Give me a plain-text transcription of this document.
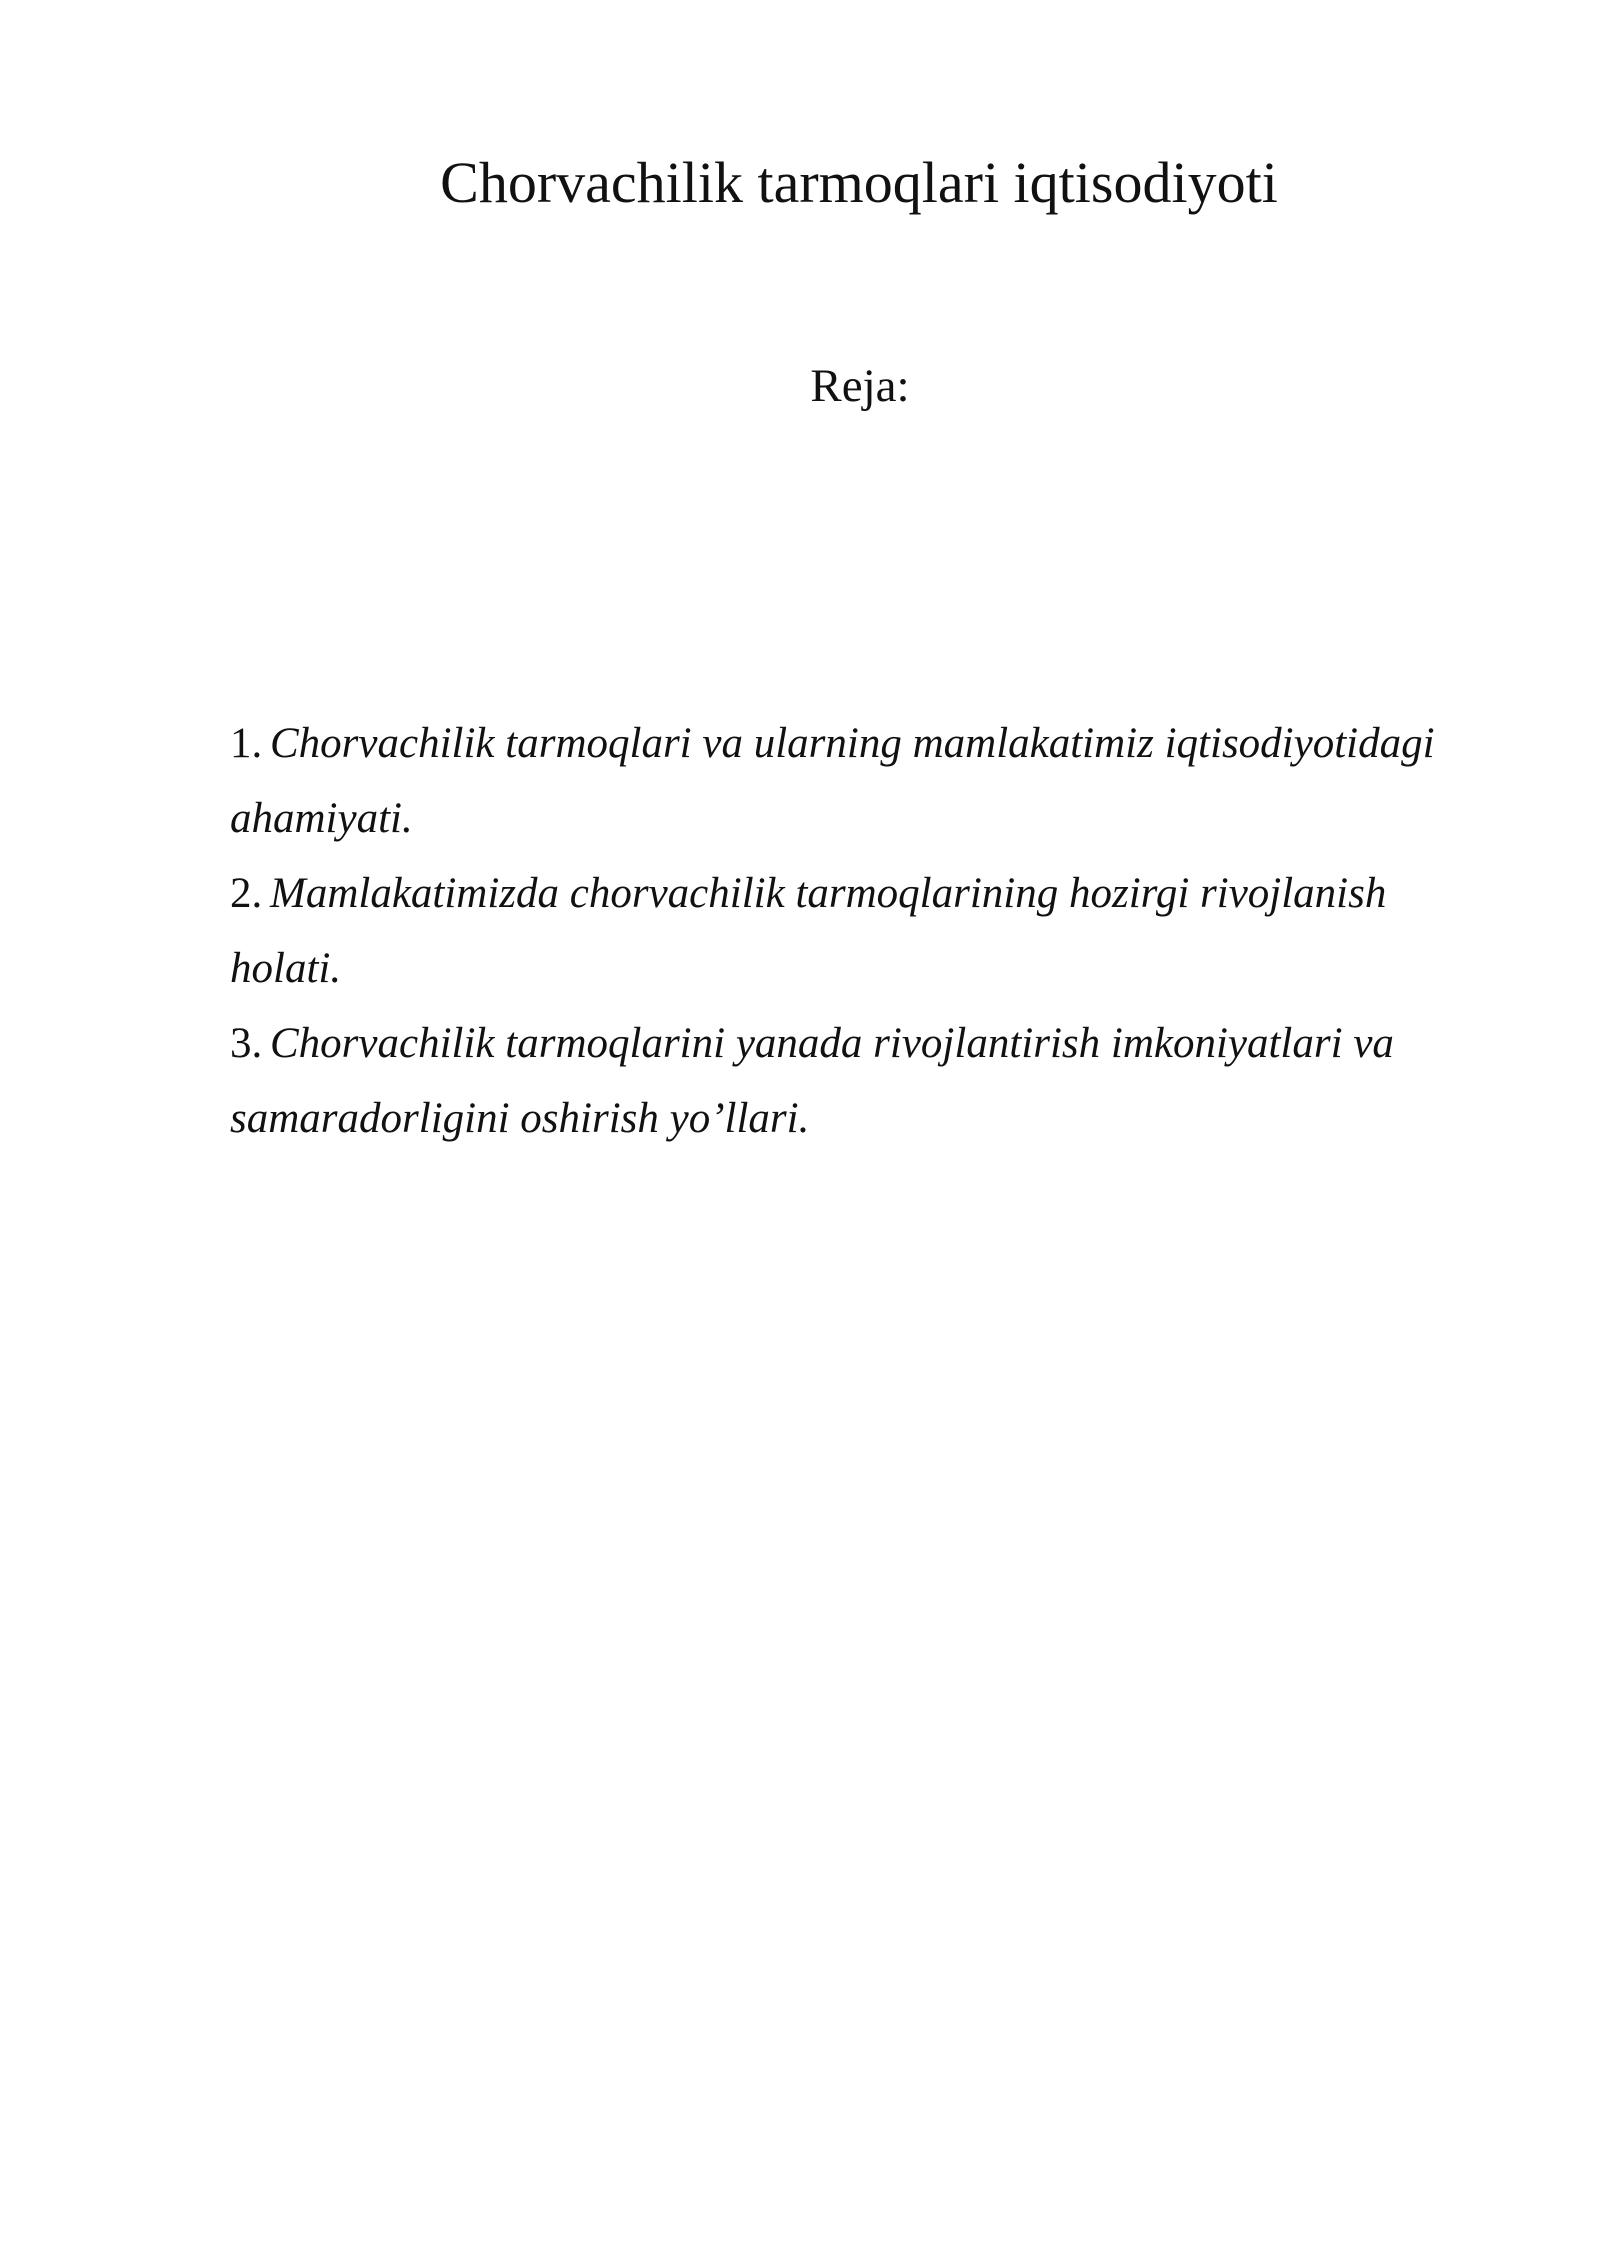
Chorvachilik tarmoqlari iqtisodiyoti
Reja:
1. Chorvachilik tarmoqlari va ularning mamlakatimiz iqtisodiyotidagi ahamiyati.
2. Mamlakatimizda chorvachilik tarmoqlarining hozirgi rivojlanish holati.
3. Chorvachilik tarmoqlarini yanada rivojlantirish imkoniyatlari va samaradorligini oshirish yo’llari.
